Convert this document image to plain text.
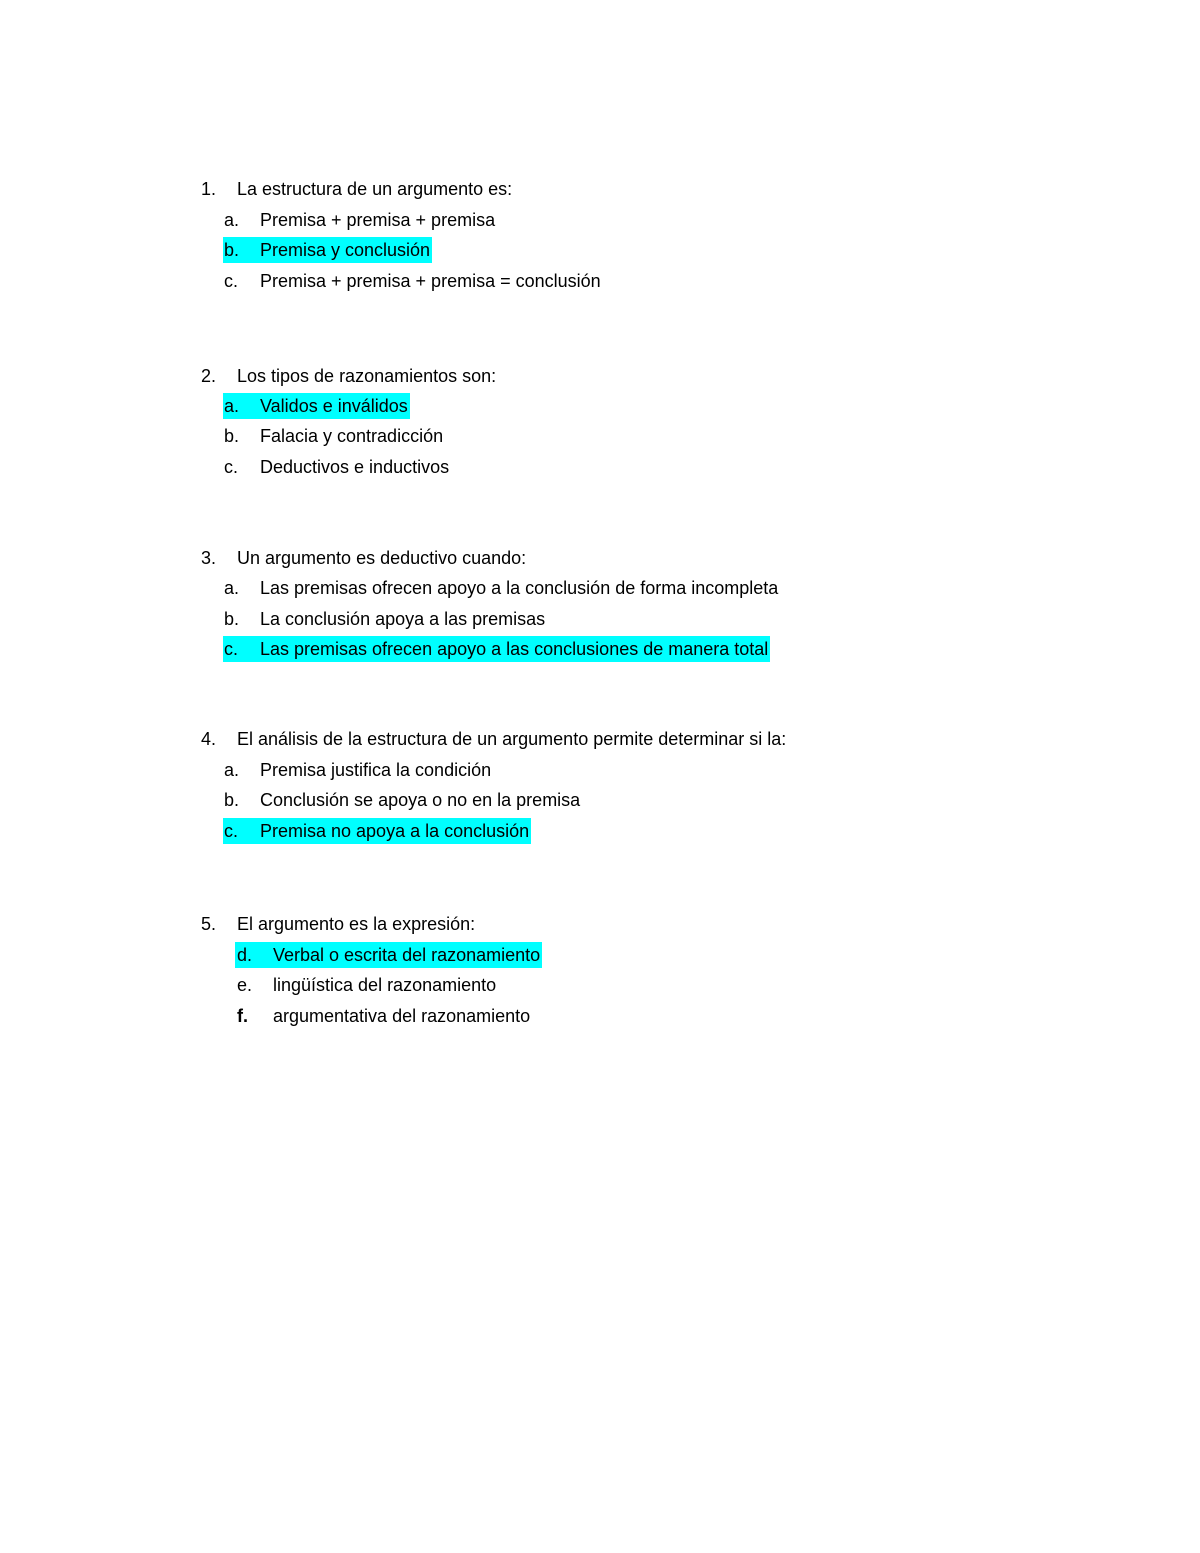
1. La estructura de un argumento es:
a.	Premisa + premisa + premisa
b.	Premisa y conclusión
c.	Premisa + premisa + premisa = conclusión
2. Los tipos de razonamientos son:
a.	Validos e inválidos
b.	Falacia y contradicción
c.	Deductivos e inductivos
3. Un argumento es deductivo cuando:
a.	Las premisas ofrecen apoyo a la conclusión de forma incompleta
b.	La conclusión apoya a las premisas
c.	Las premisas ofrecen apoyo a las conclusiones de manera total
4. El análisis de la estructura de un argumento permite determinar si la:
a.	Premisa justifica la condición
b.	Conclusión se apoya o no en la premisa
c.	Premisa no apoya a la conclusión
5. El argumento es la expresión:
d.	Verbal o escrita del razonamiento
e.	lingüística del razonamiento
f.	argumentativa del razonamiento
